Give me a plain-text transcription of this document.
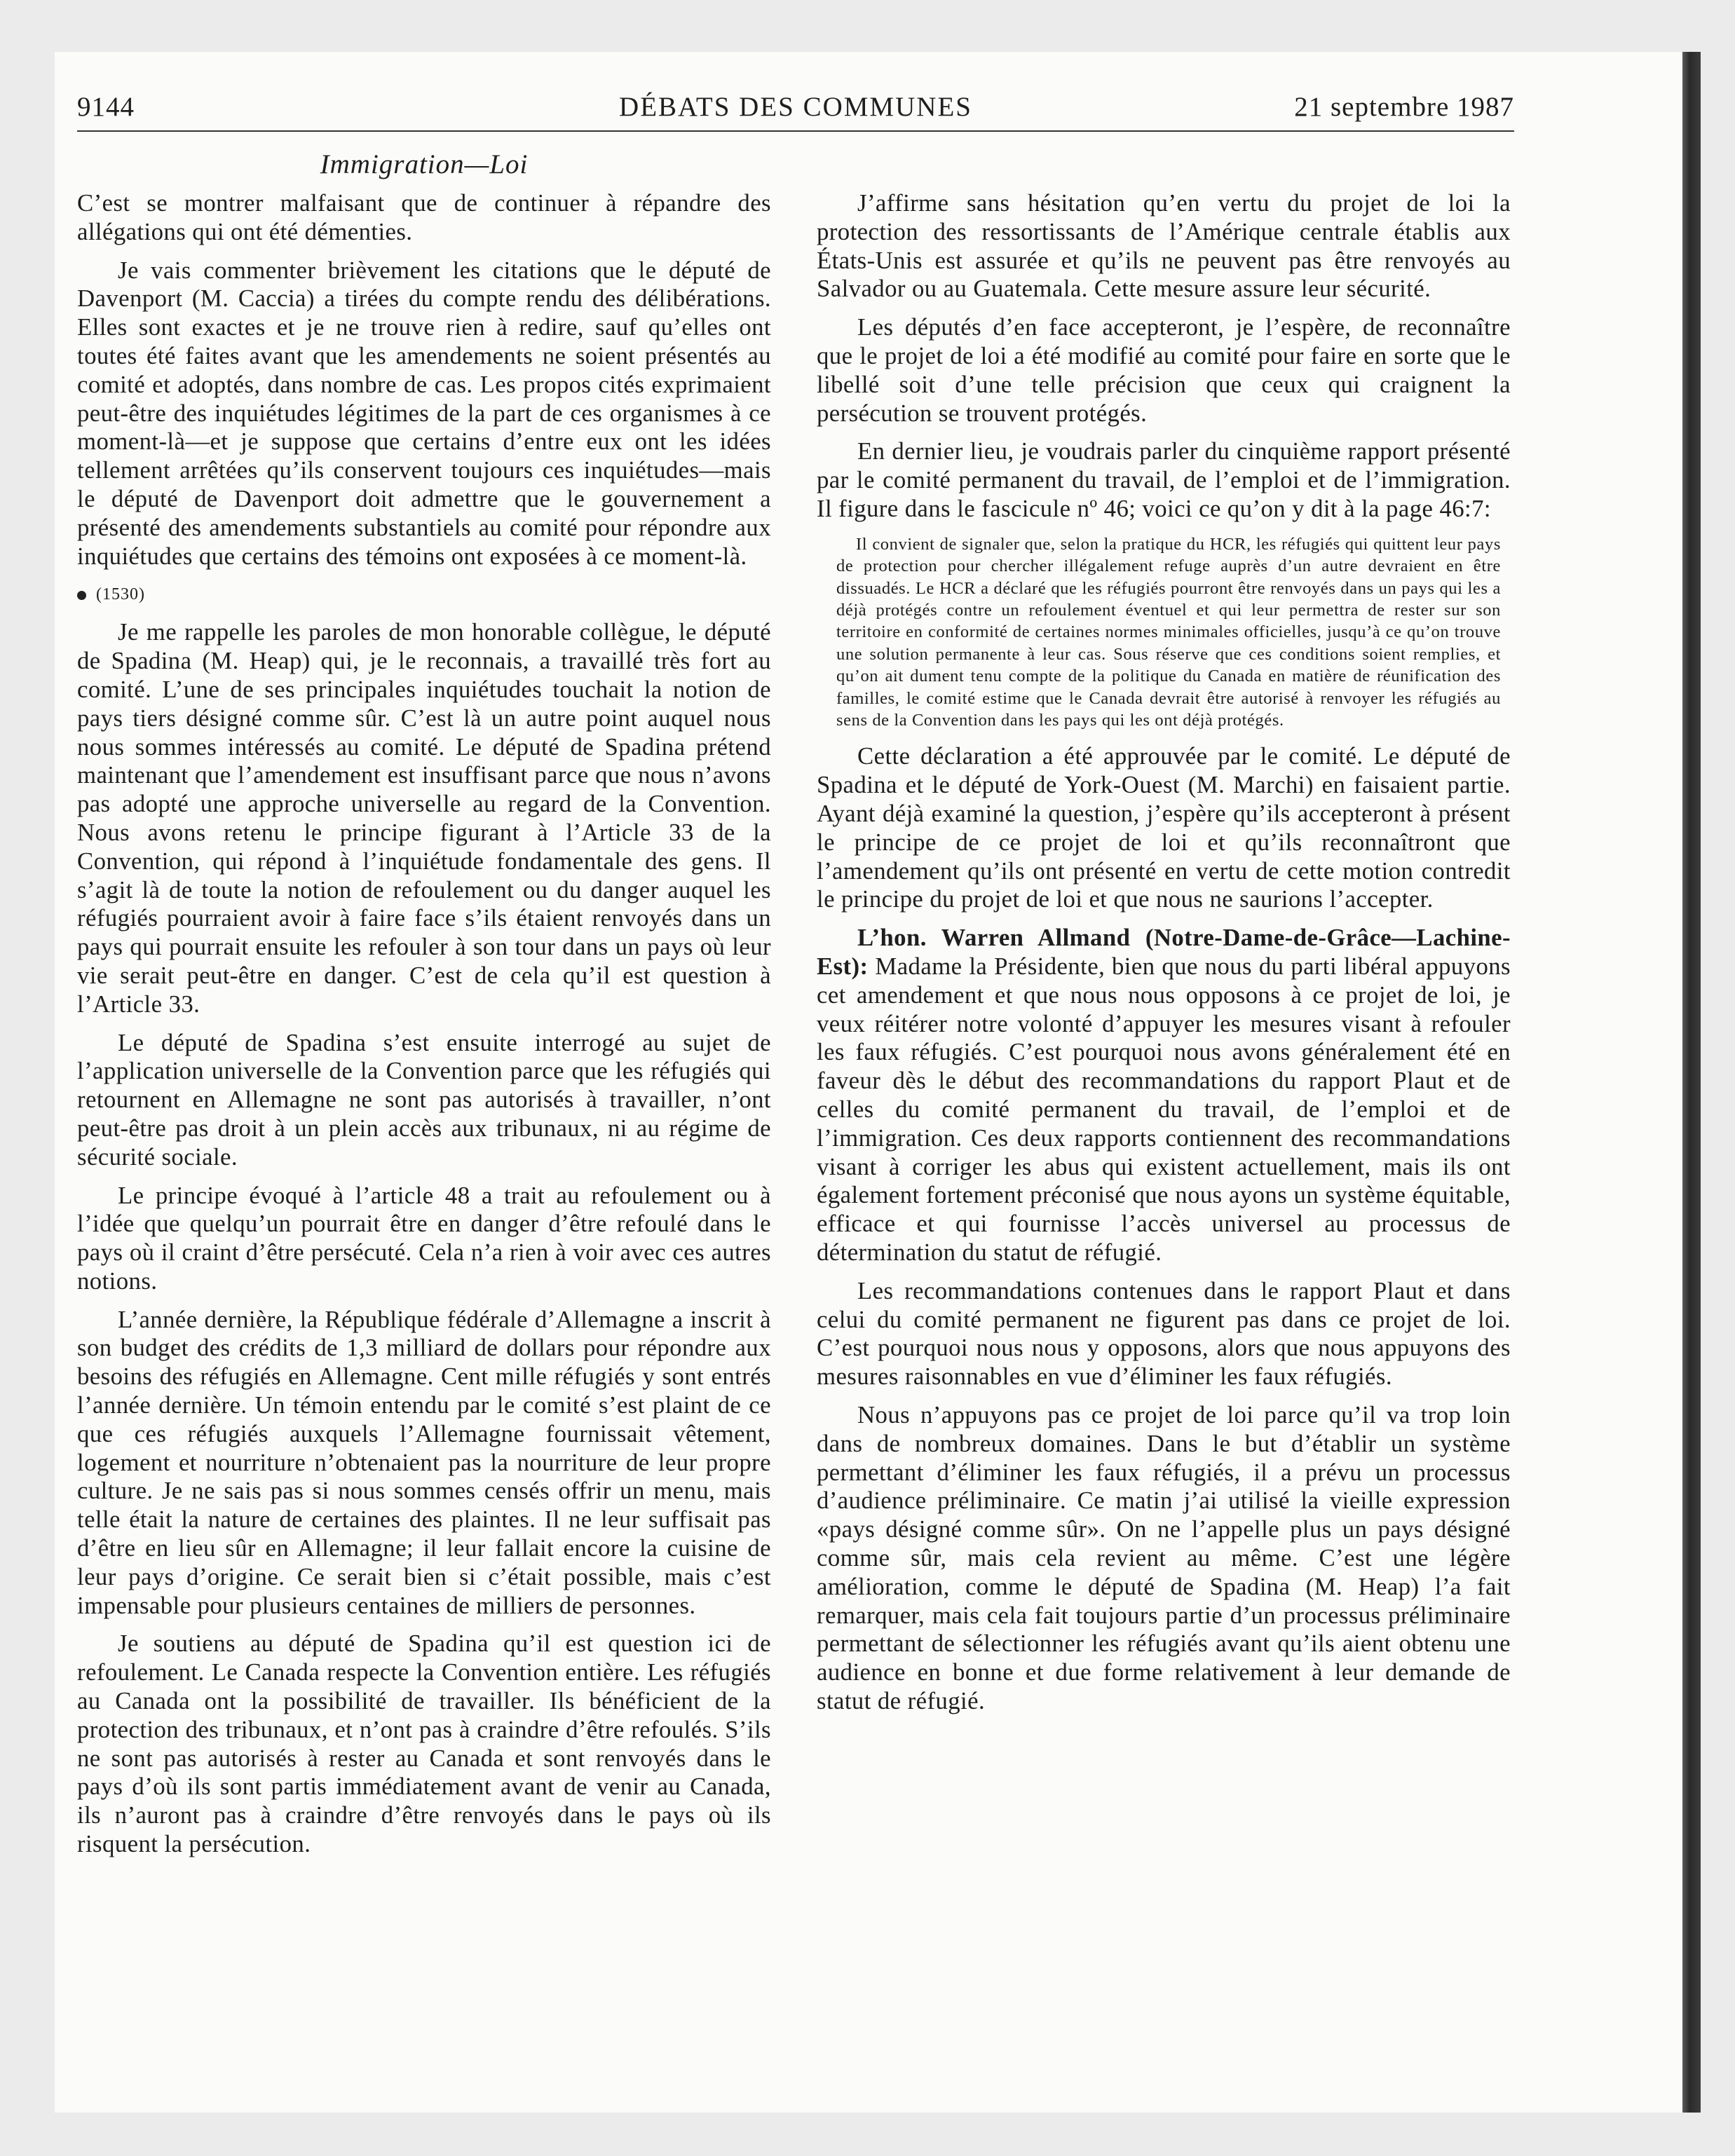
9144	DÉBATS DES COMMUNES	21 septembre 1987
Immigration—Loi

C’est se montrer malfaisant que de continuer à répandre des allégations qui ont été démenties.

Je vais commenter brièvement les citations que le député de Davenport (M. Caccia) a tirées du compte rendu des délibérations. Elles sont exactes et je ne trouve rien à redire, sauf qu’elles ont toutes été faites avant que les amendements ne soient présentés au comité et adoptés, dans nombre de cas. Les propos cités exprimaient peut-être des inquiétudes légitimes de la part de ces organismes à ce moment-là—et je suppose que certains d’entre eux ont les idées tellement arrêtées qu’ils conservent toujours ces inquiétudes—mais le député de Davenport doit admettre que le gouvernement a présenté des amendements substantiels au comité pour répondre aux inquiétudes que certains des témoins ont exposées à ce moment-là.

(1530)

Je me rappelle les paroles de mon honorable collègue, le député de Spadina (M. Heap) qui, je le reconnais, a travaillé très fort au comité. L’une de ses principales inquiétudes touchait la notion de pays tiers désigné comme sûr. C’est là un autre point auquel nous nous sommes intéressés au comité. Le député de Spadina prétend maintenant que l’amendement est insuffisant parce que nous n’avons pas adopté une approche universelle au regard de la Convention. Nous avons retenu le principe figurant à l’Article 33 de la Convention, qui répond à l’inquiétude fondamentale des gens. Il s’agit là de toute la notion de refoulement ou du danger auquel les réfugiés pourraient avoir à faire face s’ils étaient renvoyés dans un pays qui pourrait ensuite les refouler à son tour dans un pays où leur vie serait peut-être en danger. C’est de cela qu’il est question à l’Article 33.

Le député de Spadina s’est ensuite interrogé au sujet de l’application universelle de la Convention parce que les réfugiés qui retournent en Allemagne ne sont pas autorisés à travailler, n’ont peut-être pas droit à un plein accès aux tribunaux, ni au régime de sécurité sociale.

Le principe évoqué à l’article 48 a trait au refoulement ou à l’idée que quelqu’un pourrait être en danger d’être refoulé dans le pays où il craint d’être persécuté. Cela n’a rien à voir avec ces autres notions.

L’année dernière, la République fédérale d’Allemagne a inscrit à son budget des crédits de 1,3 milliard de dollars pour répondre aux besoins des réfugiés en Allemagne. Cent mille réfugiés y sont entrés l’année dernière. Un témoin entendu par le comité s’est plaint de ce que ces réfugiés auxquels l’Allemagne fournissait vêtement, logement et nourriture n’obtenaient pas la nourriture de leur propre culture. Je ne sais pas si nous sommes censés offrir un menu, mais telle était la nature de certaines des plaintes. Il ne leur suffisait pas d’être en lieu sûr en Allemagne; il leur fallait encore la cuisine de leur pays d’origine. Ce serait bien si c’était possible, mais c’est impensable pour plusieurs centaines de milliers de personnes.

Je soutiens au député de Spadina qu’il est question ici de refoulement. Le Canada respecte la Convention entière. Les réfugiés au Canada ont la possibilité de travailler. Ils bénéficient de la protection des tribunaux, et n’ont pas à craindre d’être refoulés. S’ils ne sont pas autorisés à rester au Canada et sont renvoyés dans le pays d’où ils sont partis immédiatement avant de venir au Canada, ils n’auront pas à craindre d’être renvoyés dans le pays où ils risquent la persécution.

J’affirme sans hésitation qu’en vertu du projet de loi la protection des ressortissants de l’Amérique centrale établis aux États-Unis est assurée et qu’ils ne peuvent pas être renvoyés au Salvador ou au Guatemala. Cette mesure assure leur sécurité.

Les députés d’en face accepteront, je l’espère, de reconnaître que le projet de loi a été modifié au comité pour faire en sorte que le libellé soit d’une telle précision que ceux qui craignent la persécution se trouvent protégés.

En dernier lieu, je voudrais parler du cinquième rapport présenté par le comité permanent du travail, de l’emploi et de l’immigration. Il figure dans le fascicule nº 46; voici ce qu’on y dit à la page 46:7:

Il convient de signaler que, selon la pratique du HCR, les réfugiés qui quittent leur pays de protection pour chercher illégalement refuge auprès d’un autre devraient en être dissuadés. Le HCR a déclaré que les réfugiés pourront être renvoyés dans un pays qui les a déjà protégés contre un refoulement éventuel et qui leur permettra de rester sur son territoire en conformité de certaines normes minimales officielles, jusqu’à ce qu’on trouve une solution permanente à leur cas. Sous réserve que ces conditions soient remplies, et qu’on ait dument tenu compte de la politique du Canada en matière de réunification des familles, le comité estime que le Canada devrait être autorisé à renvoyer les réfugiés au sens de la Convention dans les pays qui les ont déjà protégés.

Cette déclaration a été approuvée par le comité. Le député de Spadina et le député de York-Ouest (M. Marchi) en faisaient partie. Ayant déjà examiné la question, j’espère qu’ils accepteront à présent le principe de ce projet de loi et qu’ils reconnaîtront que l’amendement qu’ils ont présenté en vertu de cette motion contredit le principe du projet de loi et que nous ne saurions l’accepter.

L’hon. Warren Allmand (Notre-Dame-de-Grâce—Lachine-Est): Madame la Présidente, bien que nous du parti libéral appuyons cet amendement et que nous nous opposons à ce projet de loi, je veux réitérer notre volonté d’appuyer les mesures visant à refouler les faux réfugiés. C’est pourquoi nous avons généralement été en faveur dès le début des recommandations du rapport Plaut et de celles du comité permanent du travail, de l’emploi et de l’immigration. Ces deux rapports contiennent des recommandations visant à corriger les abus qui existent actuellement, mais ils ont également fortement préconisé que nous ayons un système équitable, efficace et qui fournisse l’accès universel au processus de détermination du statut de réfugié.

Les recommandations contenues dans le rapport Plaut et dans celui du comité permanent ne figurent pas dans ce projet de loi. C’est pourquoi nous nous y opposons, alors que nous appuyons des mesures raisonnables en vue d’éliminer les faux réfugiés.

Nous n’appuyons pas ce projet de loi parce qu’il va trop loin dans de nombreux domaines. Dans le but d’établir un système permettant d’éliminer les faux réfugiés, il a prévu un processus d’audience préliminaire. Ce matin j’ai utilisé la vieille expression «pays désigné comme sûr». On ne l’appelle plus un pays désigné comme sûr, mais cela revient au même. C’est une légère amélioration, comme le député de Spadina (M. Heap) l’a fait remarquer, mais cela fait toujours partie d’un processus préliminaire permettant de sélectionner les réfugiés avant qu’ils aient obtenu une audience en bonne et due forme relativement à leur demande de statut de réfugié.
